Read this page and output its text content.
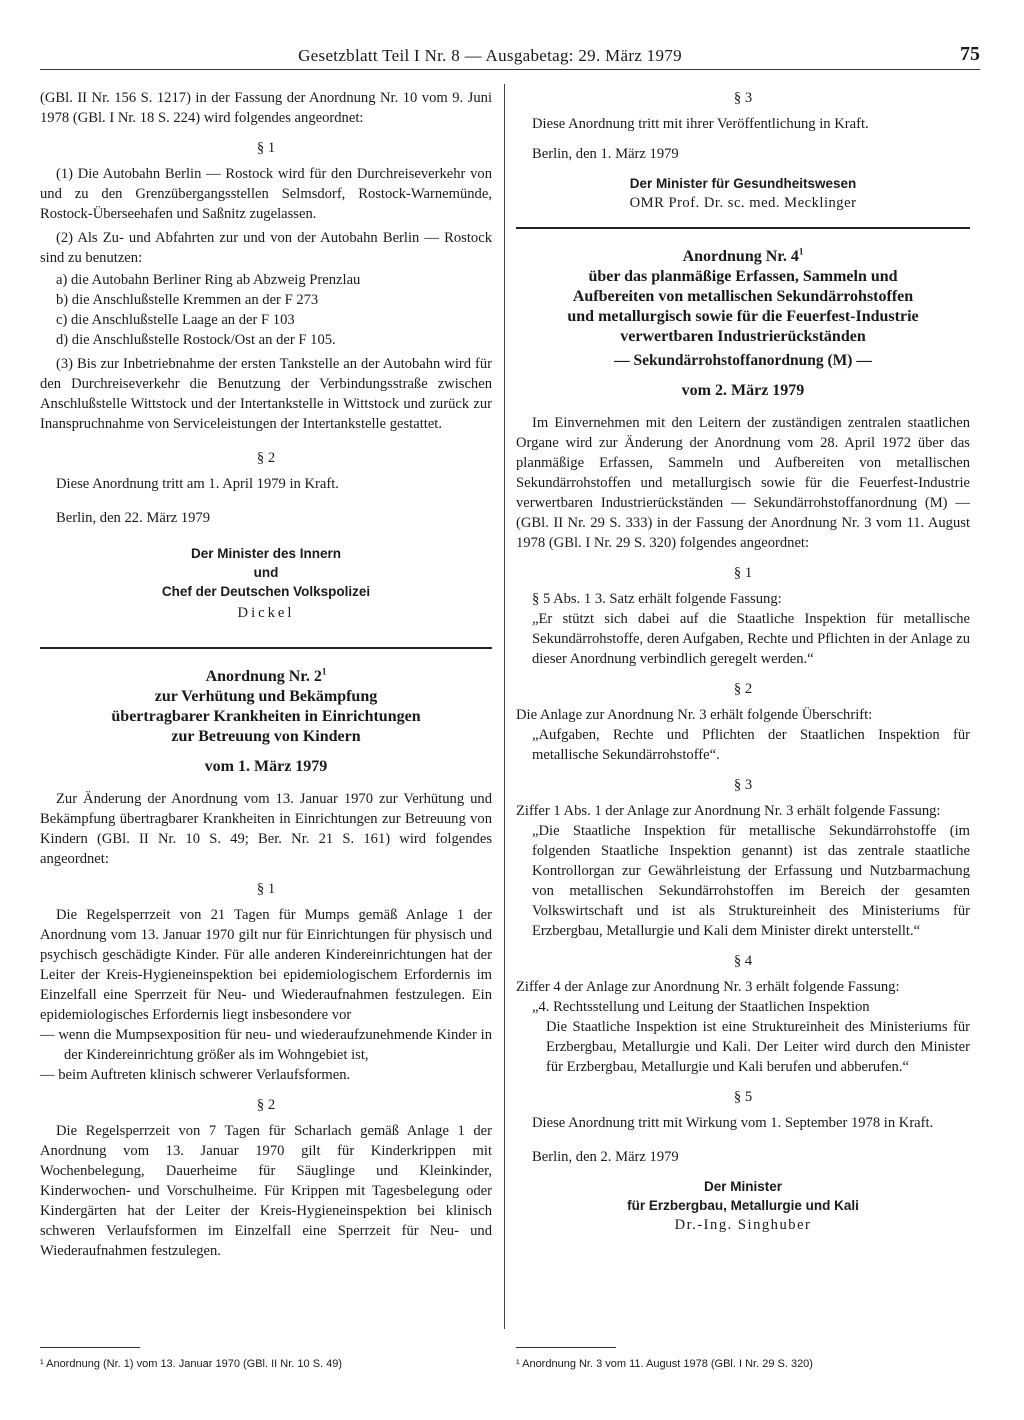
Gesetzblatt Teil I Nr. 8 — Ausgabetag: 29. März 1979	75

(GBl. II Nr. 156 S. 1217) in der Fassung der Anordnung Nr. 10 vom 9. Juni 1978 (GBl. I Nr. 18 S. 224) wird folgendes angeordnet:

§ 1

(1) Die Autobahn Berlin — Rostock wird für den Durchreiseverkehr von und zu den Grenzübergangsstellen Selmsdorf, Rostock-Warnemünde, Rostock-Überseehafen und Saßnitz zugelassen.

(2) Als Zu- und Abfahrten zur und von der Autobahn Berlin — Rostock sind zu benutzen:

a) die Autobahn Berliner Ring ab Abzweig Prenzlau

b) die Anschlußstelle Kremmen an der F 273

c) die Anschlußstelle Laage an der F 103

d) die Anschlußstelle Rostock/Ost an der F 105.

(3) Bis zur Inbetriebnahme der ersten Tankstelle an der Autobahn wird für den Durchreiseverkehr die Benutzung der Verbindungsstraße zwischen Anschlußstelle Wittstock und der Intertankstelle in Wittstock und zurück zur Inanspruchnahme von Serviceleistungen der Intertankstelle gestattet.

§ 2

Diese Anordnung tritt am 1. April 1979 in Kraft.

Berlin, den 22. März 1979

Der Minister des Innern
und
Chef der Deutschen Volkspolizei
Dickel
Anordnung Nr. $2^1$
zur Verhütung und Bekämpfung
übertragbarer Krankheiten in Einrichtungen
zur Betreuung von Kindern
vom 1. März 1979

Zur Änderung der Anordnung vom 13. Januar 1970 zur Verhütung und Bekämpfung übertragbarer Krankheiten in Einrichtungen zur Betreuung von Kindern (GBl. II Nr. 10 S. 49; Ber. Nr. 21 S. 161) wird folgendes angeordnet:

§ 1

Die Regelsperrzeit von 21 Tagen für Mumps gemäß Anlage 1 der Anordnung vom 13. Januar 1970 gilt nur für Einrichtungen für physisch und psychisch geschädigte Kinder. Für alle anderen Kindereinrichtungen hat der Leiter der Kreis-Hygieneinspektion bei epidemiologischem Erfordernis im Einzelfall eine Sperrzeit für Neu- und Wiederaufnahmen festzulegen. Ein epidemiologisches Erfordernis liegt insbesondere vor

— wenn die Mumpsexposition für neu- und wiederaufzunehmende Kinder in der Kindereinrichtung größer als im Wohngebiet ist,

— beim Auftreten klinisch schwerer Verlaufsformen.

§ 2

Die Regelsperrzeit von 7 Tagen für Scharlach gemäß Anlage 1 der Anordnung vom 13. Januar 1970 gilt für Kinderkrippen mit Wochenbelegung, Dauerheime für Säuglinge und Kleinkinder, Kinderwochen- und Vorschulheime. Für Krippen mit Tagesbelegung oder Kindergärten hat der Leiter der Kreis-Hygieneinspektion bei klinisch schweren Verlaufsformen im Einzelfall eine Sperrzeit für Neu- und Wiederaufnahmen festzulegen.

§ 3

Diese Anordnung tritt mit ihrer Veröffentlichung in Kraft.

Berlin, den 1. März 1979

Der Minister für Gesundheitswesen
OMR Prof. Dr. sc. med. Mecklinger
Anordnung Nr. $4^1$
über das planmäßige Erfassen, Sammeln und
Aufbereiten von metallischen Sekundärrohstoffen
und metallurgisch sowie für die Feuerfest-Industrie
verwertbaren Industrierückständen
— Sekundärrohstoffanordnung (M) —
vom 2. März 1979

Im Einvernehmen mit den Leitern der zuständigen zentralen staatlichen Organe wird zur Änderung der Anordnung vom 28. April 1972 über das planmäßige Erfassen, Sammeln und Aufbereiten von metallischen Sekundärrohstoffen und metallurgisch sowie für die Feuerfest-Industrie verwertbaren Industrierückständen — Sekundärrohstoffanordnung (M) — (GBl. II Nr. 29 S. 333) in der Fassung der Anordnung Nr. 3 vom 11. August 1978 (GBl. I Nr. 29 S. 320) folgendes angeordnet:

§ 1

§ 5 Abs. 1 3. Satz erhält folgende Fassung:

„Er stützt sich dabei auf die Staatliche Inspektion für metallische Sekundärrohstoffe, deren Aufgaben, Rechte und Pflichten in der Anlage zu dieser Anordnung verbindlich geregelt werden.“

§ 2

Die Anlage zur Anordnung Nr. 3 erhält folgende Überschrift:

„Aufgaben, Rechte und Pflichten der Staatlichen Inspektion für metallische Sekundärrohstoffe“.

§ 3

Ziffer 1 Abs. 1 der Anlage zur Anordnung Nr. 3 erhält folgende Fassung:

„Die Staatliche Inspektion für metallische Sekundärrohstoffe (im folgenden Staatliche Inspektion genannt) ist das zentrale staatliche Kontrollorgan zur Gewährleistung der Erfassung und Nutzbarmachung von metallischen Sekundärrohstoffen im Bereich der gesamten Volkswirtschaft und ist als Struktureinheit des Ministeriums für Erzbergbau, Metallurgie und Kali dem Minister direkt unterstellt.“

§ 4

Ziffer 4 der Anlage zur Anordnung Nr. 3 erhält folgende Fassung:

„4. Rechtsstellung und Leitung der Staatlichen Inspektion

Die Staatliche Inspektion ist eine Struktureinheit des Ministeriums für Erzbergbau, Metallurgie und Kali. Der Leiter wird durch den Minister für Erzbergbau, Metallurgie und Kali berufen und abberufen.“

§ 5

Diese Anordnung tritt mit Wirkung vom 1. September 1978 in Kraft.

Berlin, den 2. März 1979

Der Minister
für Erzbergbau, Metallurgie und Kali
Dr.-Ing. Singhuber
¹ Anordnung (Nr. 1) vom 13. Januar 1970 (GBl. II Nr. 10 S. 49)	¹ Anordnung Nr. 3 vom 11. August 1978 (GBl. I Nr. 29 S. 320)
